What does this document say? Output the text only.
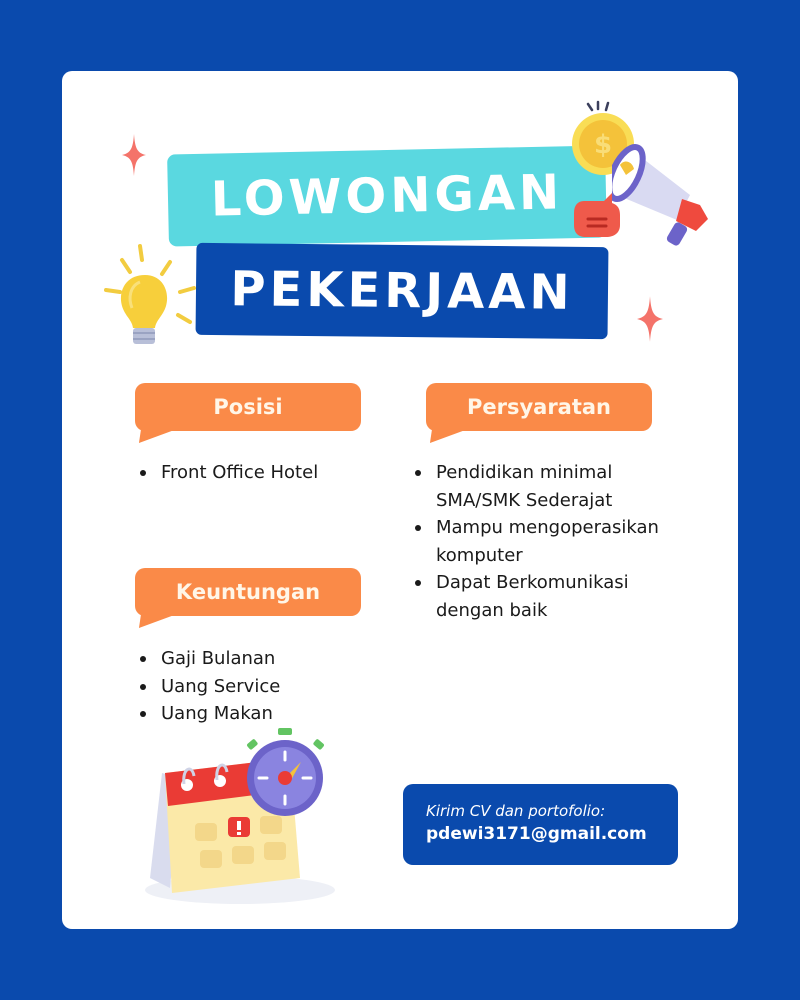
LOWONGAN
PEKERJAAN
$
Posisi
Front Office Hotel
Persyaratan
Pendidikan minimal SMA/SMK Sederajat
Mampu mengoperasikan komputer
Dapat Berkomunikasi dengan baik
Keuntungan
Gaji Bulanan
Uang Service
Uang Makan
Kirim CV dan portofolio:
pdewi3171@gmail.com
